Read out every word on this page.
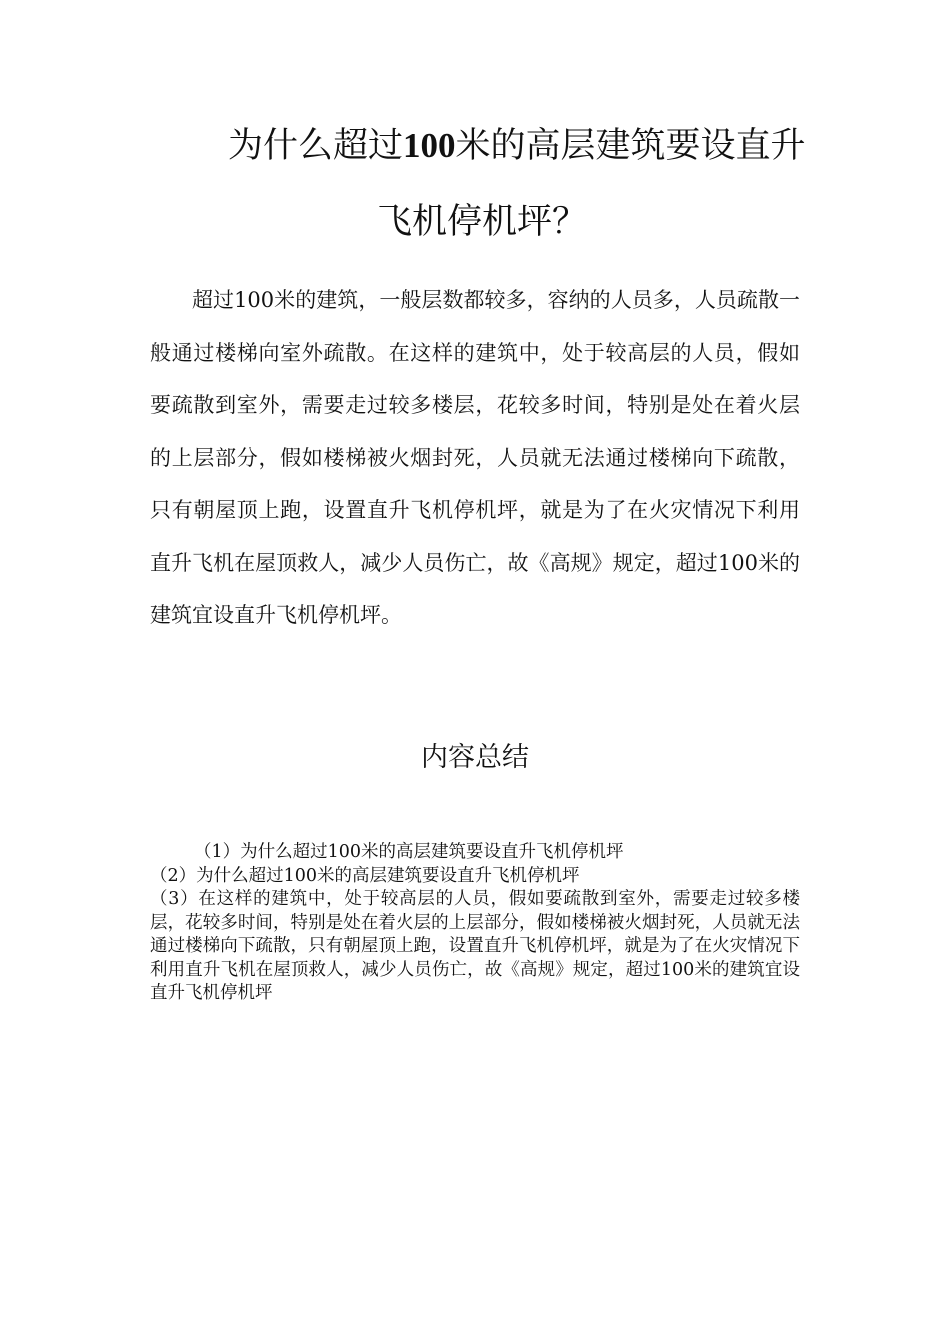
为什么超过100米的高层建筑要设直升
飞机停机坪？

超过100米的建筑，一般层数都较多，容纳的人员多，人员疏散一般通过楼梯向室外疏散。在这样的建筑中，处于较高层的人员，假如要疏散到室外，需要走过较多楼层，花较多时间，特别是处在着火层的上层部分，假如楼梯被火烟封死，人员就无法通过楼梯向下疏散，只有朝屋顶上跑，设置直升飞机停机坪，就是为了在火灾情况下利用直升飞机在屋顶救人，减少人员伤亡，故《高规》规定，超过100米的建筑宜设直升飞机停机坪。

内容总结
（1）为什么超过100米的高层建筑要设直升飞机停机坪
（2）为什么超过100米的高层建筑要设直升飞机停机坪
（3）在这样的建筑中，处于较高层的人员，假如要疏散到室外，需要走过较多楼层，花较多时间，特别是处在着火层的上层部分，假如楼梯被火烟封死，人员就无法通过楼梯向下疏散，只有朝屋顶上跑，设置直升飞机停机坪，就是为了在火灾情况下利用直升飞机在屋顶救人，减少人员伤亡，故《高规》规定，超过100米的建筑宜设直升飞机停机坪
